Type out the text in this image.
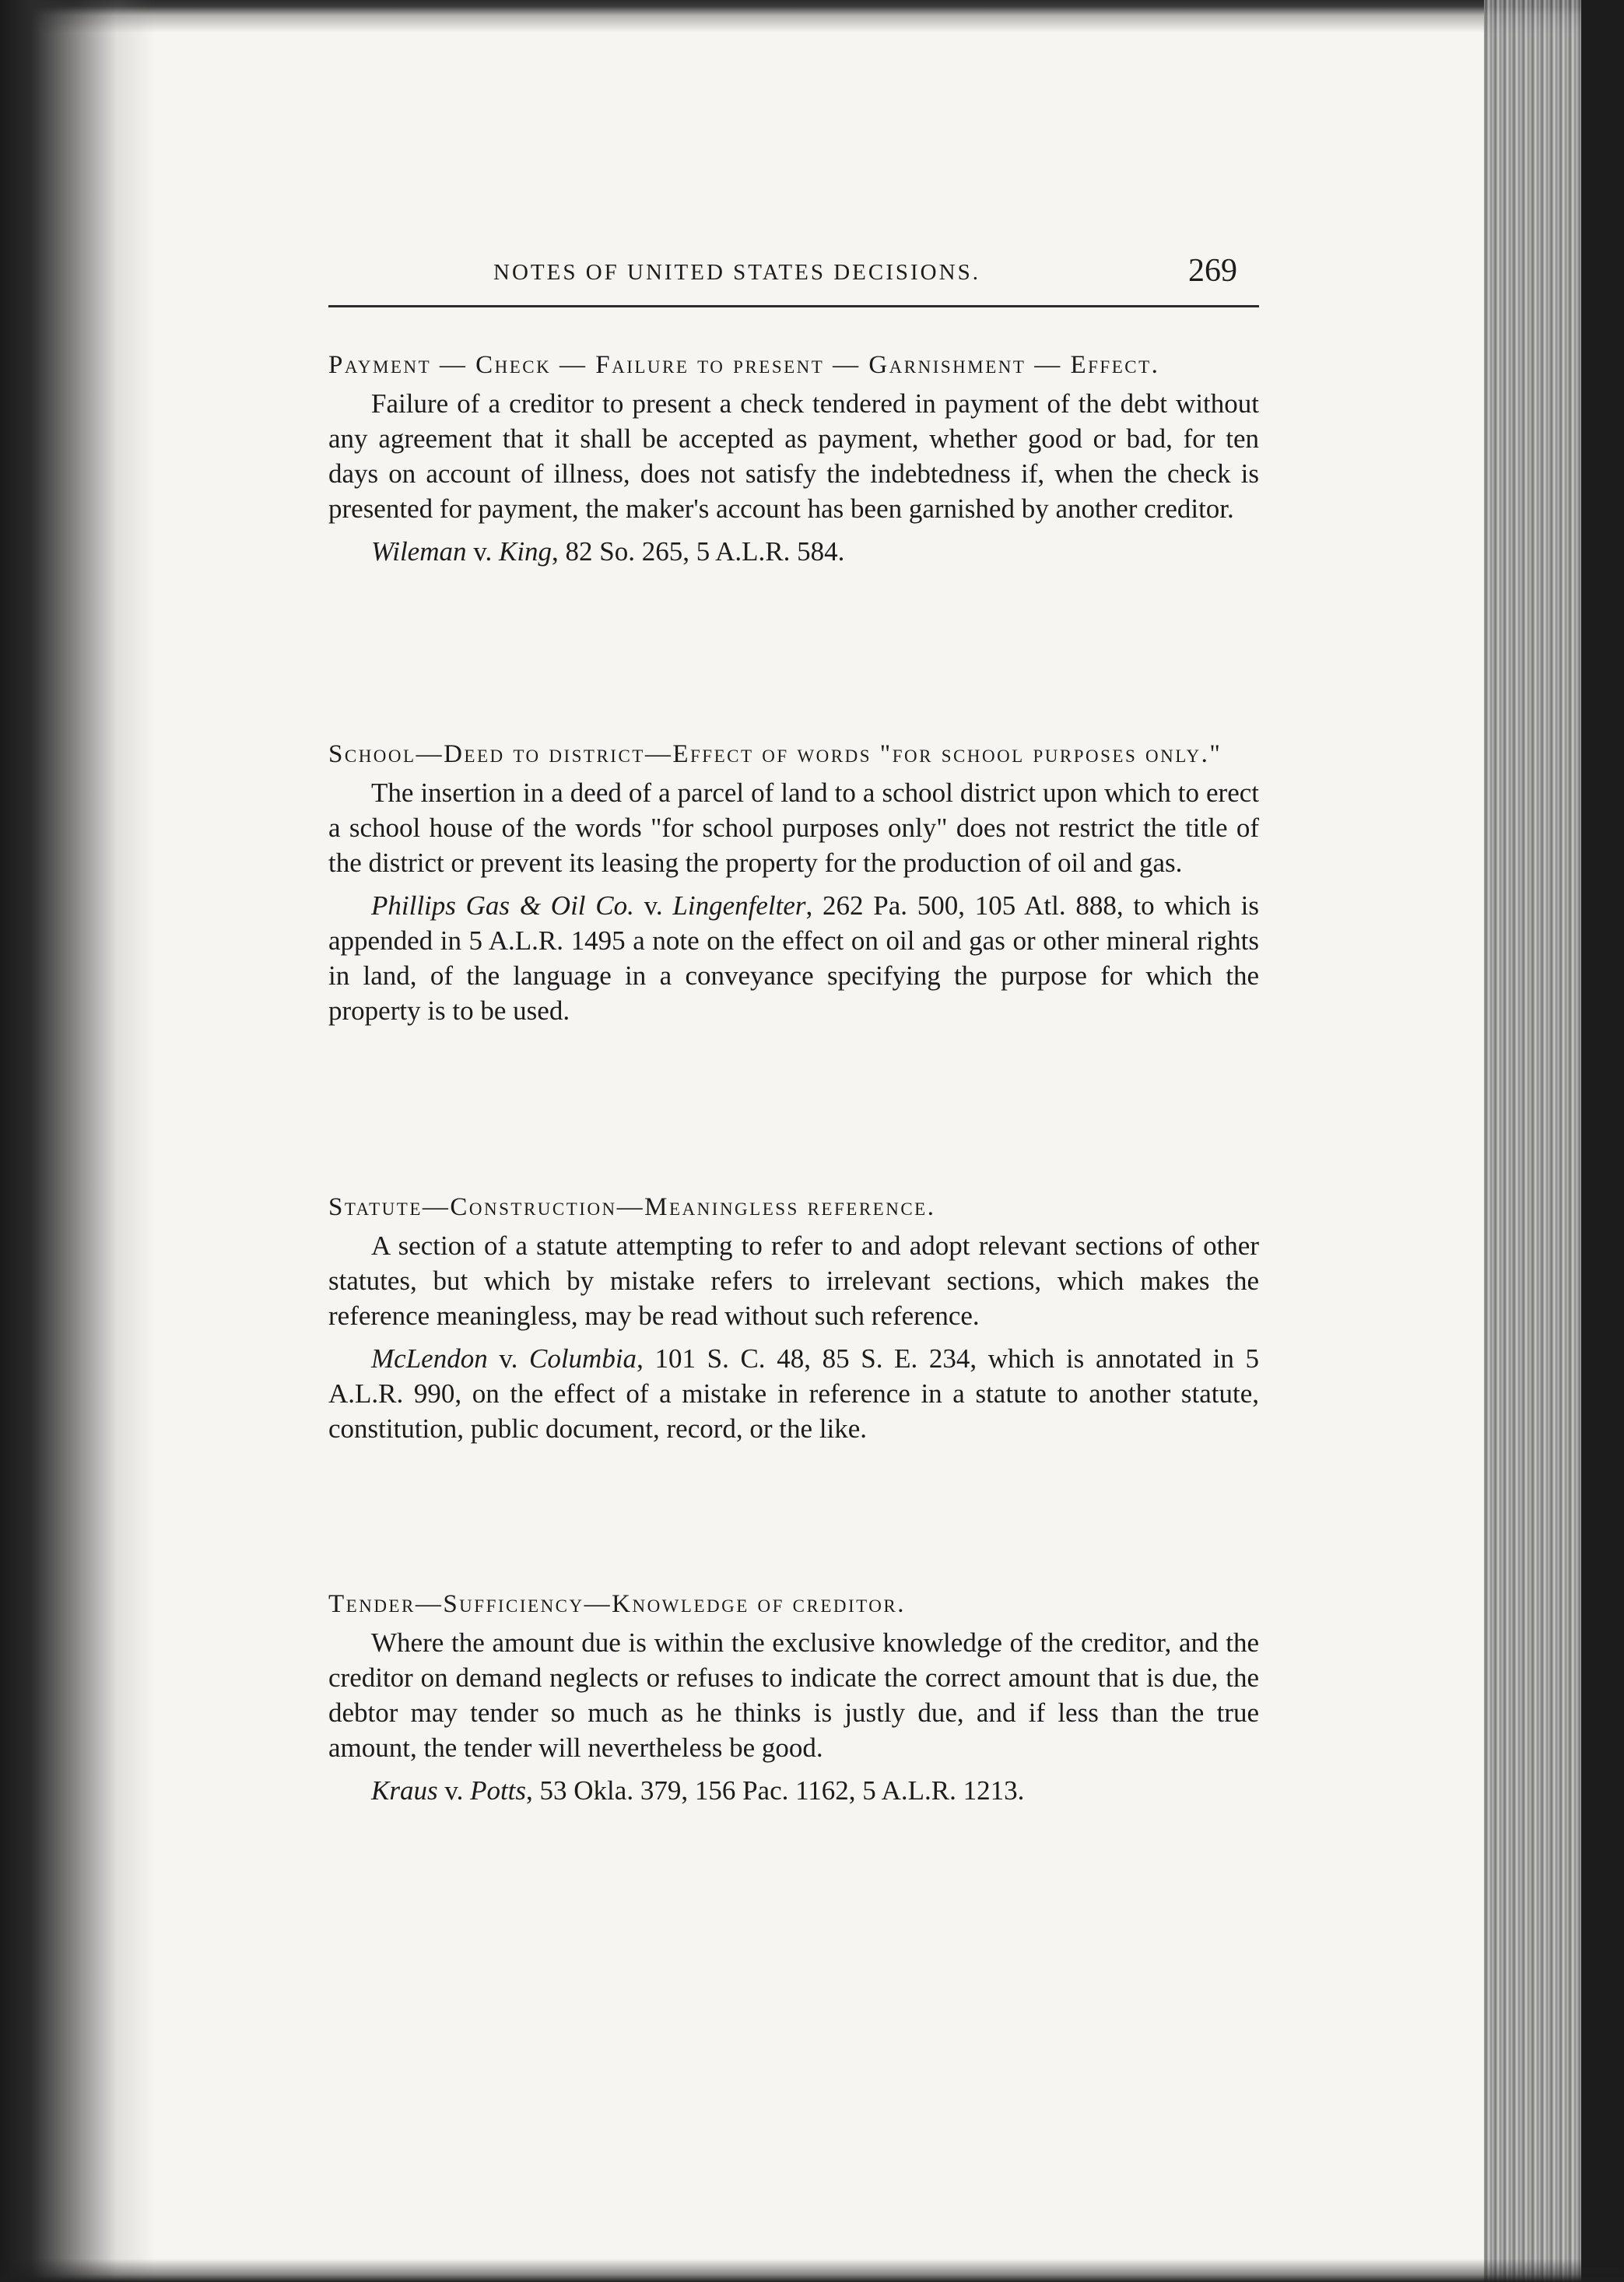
NOTES OF UNITED STATES DECISIONS.	269

Payment — Check — Failure to present — Garnishment — Effect.

Failure of a creditor to present a check tendered in payment of the debt without any agreement that it shall be accepted as payment, whether good or bad, for ten days on account of illness, does not satisfy the indebtedness if, when the check is presented for payment, the maker's account has been garnished by another creditor.

Wileman v. King, 82 So. 265, 5 A.L.R. 584.

School—Deed to district—Effect of words "for school purposes only."

The insertion in a deed of a parcel of land to a school district upon which to erect a school house of the words "for school purposes only" does not restrict the title of the district or prevent its leasing the property for the production of oil and gas.

Phillips Gas & Oil Co. v. Lingenfelter, 262 Pa. 500, 105 Atl. 888, to which is appended in 5 A.L.R. 1495 a note on the effect on oil and gas or other mineral rights in land, of the language in a conveyance specifying the purpose for which the property is to be used.

Statute—Construction—Meaningless reference.

A section of a statute attempting to refer to and adopt relevant sections of other statutes, but which by mistake refers to irrelevant sections, which makes the reference meaningless, may be read without such reference.

McLendon v. Columbia, 101 S. C. 48, 85 S. E. 234, which is annotated in 5 A.L.R. 990, on the effect of a mistake in reference in a statute to another statute, constitution, public document, record, or the like.

Tender—Sufficiency—Knowledge of creditor.

Where the amount due is within the exclusive knowledge of the creditor, and the creditor on demand neglects or refuses to indicate the correct amount that is due, the debtor may tender so much as he thinks is justly due, and if less than the true amount, the tender will nevertheless be good.

Kraus v. Potts, 53 Okla. 379, 156 Pac. 1162, 5 A.L.R. 1213.
